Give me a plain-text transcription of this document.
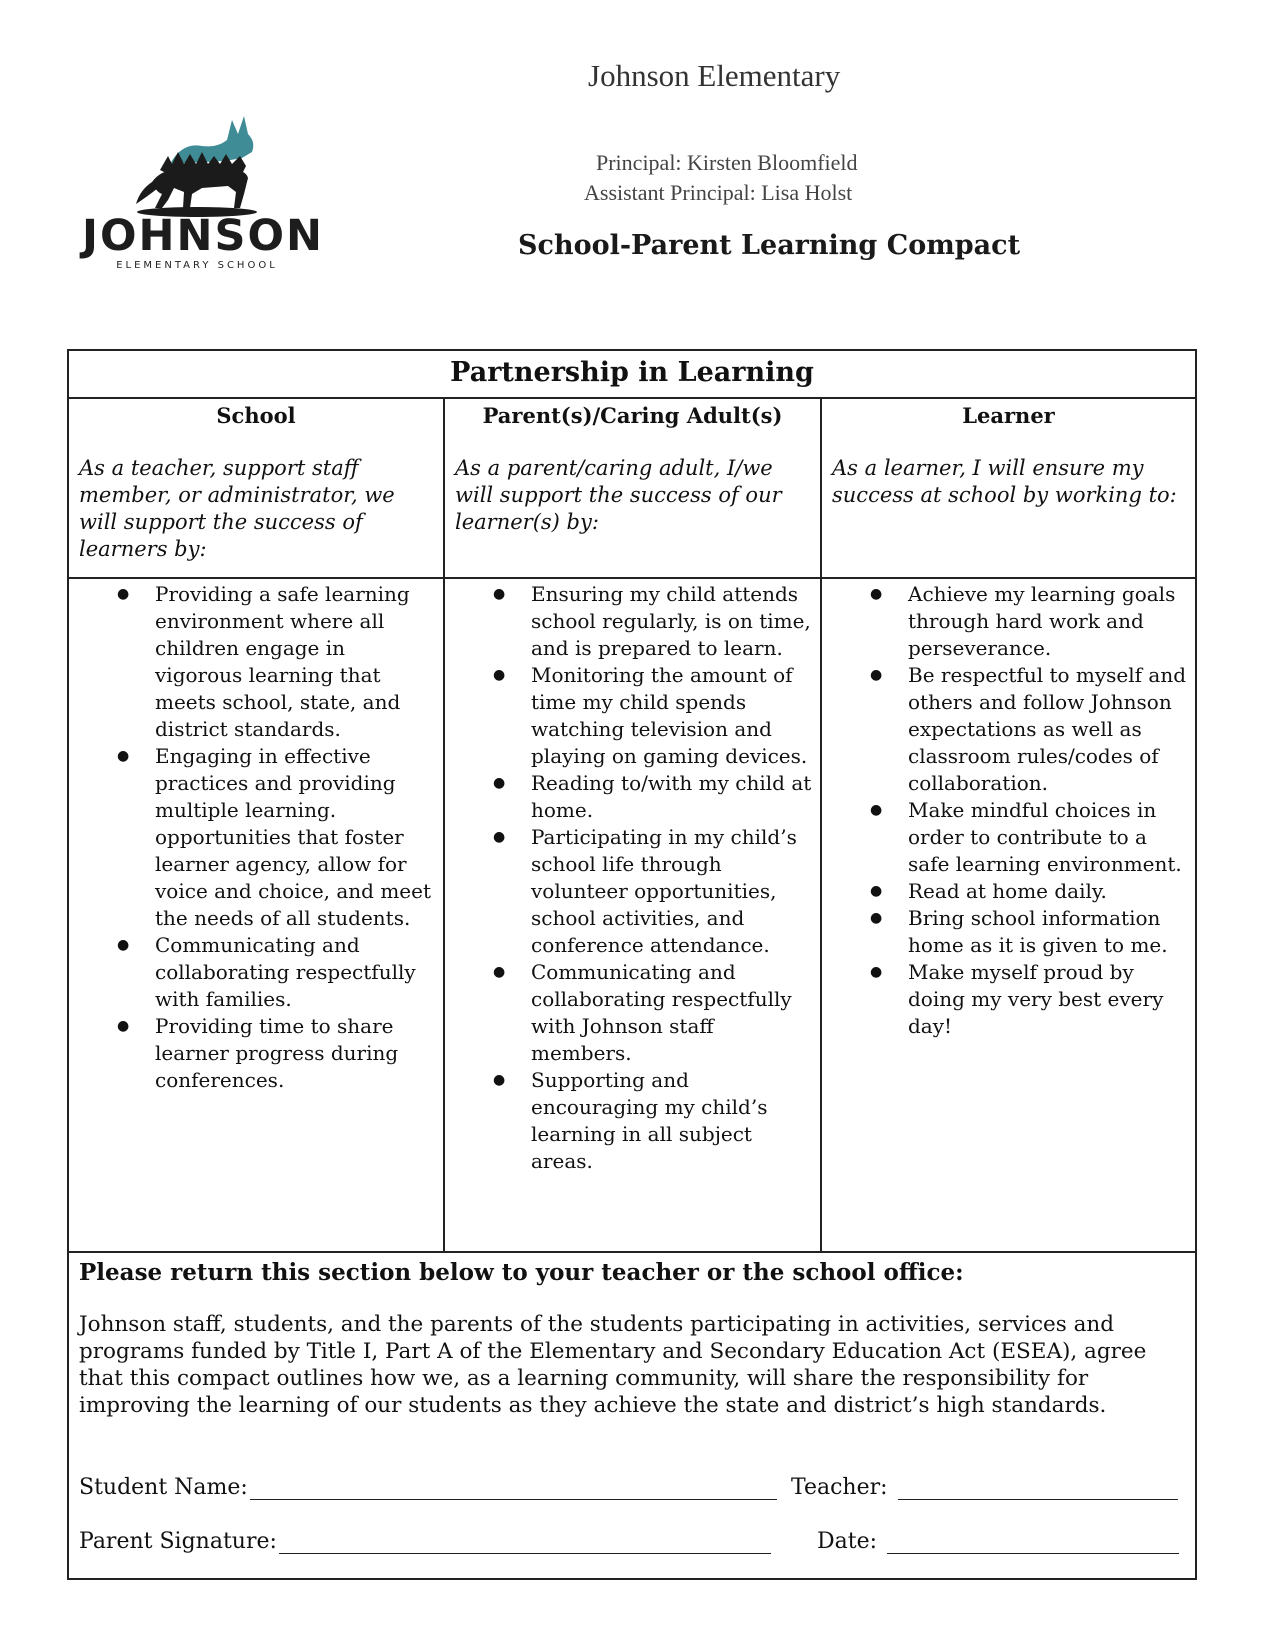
JOHNSON
ELEMENTARY SCHOOL
Johnson Elementary
Principal: Kirsten Bloomfield
Assistant Principal: Lisa Holst
School-Parent Learning Compact
Partnership in Learning
School
As a teacher, support staff member, or administrator, we will support the success of learners by:
● Providing a safe learning environment where all children engage in vigorous learning that meets school, state, and district standards.
● Engaging in effective practices and providing multiple learning. opportunities that foster learner agency, allow for voice and choice, and meet the needs of all students.
● Communicating and collaborating respectfully with families.
● Providing time to share learner progress during conferences.
Parent(s)/Caring Adult(s)
As a parent/caring adult, I/we will support the success of our learner(s) by:
● Ensuring my child attends school regularly, is on time, and is prepared to learn.
● Monitoring the amount of time my child spends watching television and playing on gaming devices.
● Reading to/with my child at home.
● Participating in my child’s school life through volunteer opportunities, school activities, and conference attendance.
● Communicating and collaborating respectfully with Johnson staff members.
● Supporting and encouraging my child’s learning in all subject areas.
Learner
As a learner, I will ensure my success at school by working to:
● Achieve my learning goals through hard work and perseverance.
● Be respectful to myself and others and follow Johnson expectations as well as classroom rules/codes of collaboration.
● Make mindful choices in order to contribute to a safe learning environment.
● Read at home daily.
● Bring school information home as it is given to me.
● Make myself proud by doing my very best every day!
Please return this section below to your teacher or the school office:
Johnson staff, students, and the parents of the students participating in activities, services and programs funded by Title I, Part A of the Elementary and Secondary Education Act (ESEA), agree that this compact outlines how we, as a learning community, will share the responsibility for improving the learning of our students as they achieve the state and district’s high standards.
Student Name:	Teacher:
Parent Signature:	Date:
